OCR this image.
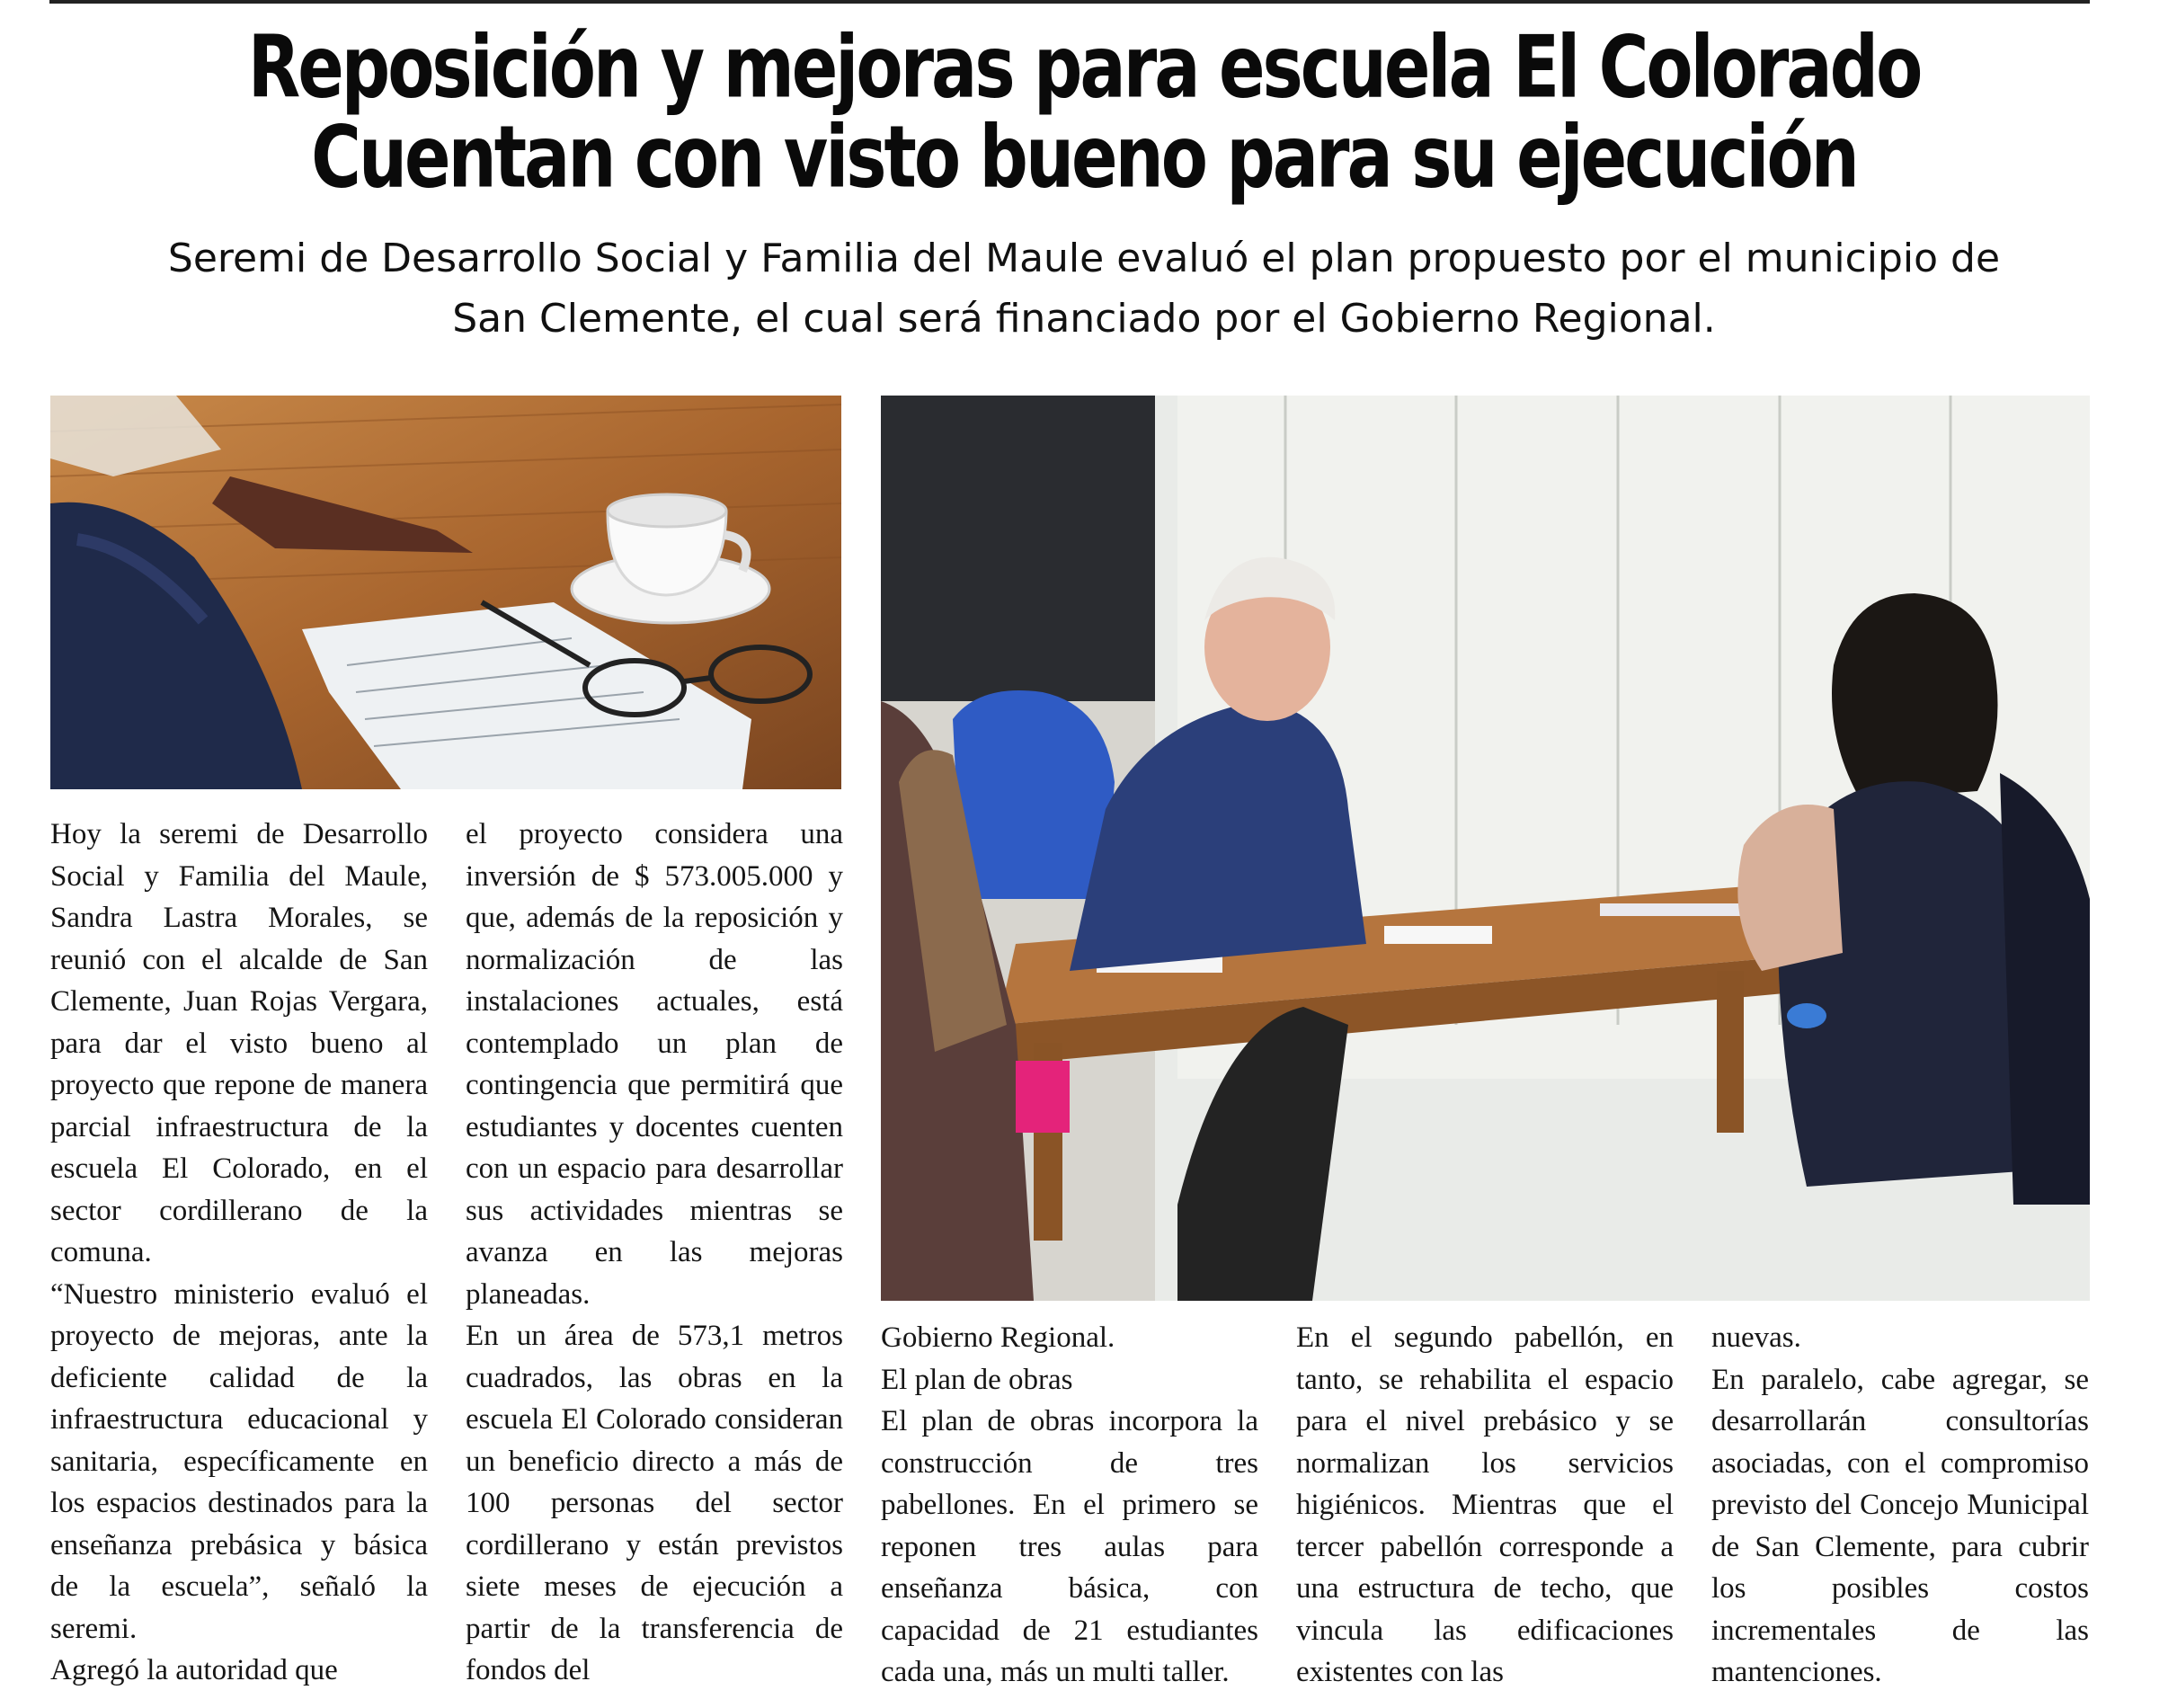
Reposición y mejoras para escuela El Colorado
Cuentan con visto bueno para su ejecución
Seremi de Desarrollo Social y Familia del Maule evaluó el plan propuesto por el municipio de
San Clemente, el cual será financiado por el Gobierno Regional.

Hoy la seremi de Desarrollo Social y Familia del Maule, Sandra Lastra Morales, se reunió con el alcalde de San Clemente, Juan Rojas Vergara, para dar el visto bueno al proyecto que repone de manera parcial infraestructura de la escuela El Colorado, en el sector cordillerano de la comuna.

“Nuestro ministerio evaluó el proyecto de mejoras, ante la deficiente calidad de la infraestructura educacional y sanitaria, específicamente en los espacios destinados para la enseñanza prebásica y básica de la escuela”, señaló la seremi.

Agregó la autoridad que

el proyecto considera una inversión de $ 573.005.000 y que, además de la reposición y normalización de las instalaciones actuales, está contemplado un plan de contingencia que permitirá que estudiantes y docentes cuenten con un espacio para desarrollar sus actividades mientras se avanza en las mejoras planeadas.

En un área de 573,1 metros cuadrados, las obras en la escuela El Colorado consideran un beneficio directo a más de 100 personas del sector cordillerano y están previstos siete meses de ejecución a partir de la transferencia de fondos del

Gobierno Regional.

El plan de obras

El plan de obras incorpora la construcción de tres pabellones. En el primero se reponen tres aulas para enseñanza básica, con capacidad de 21 estudiantes cada una, más un multi taller.

En el segundo pabellón, en tanto, se rehabilita el espacio para el nivel prebásico y se normalizan los servicios higiénicos. Mientras que el tercer pabellón corresponde a una estructura de techo, que vincula las edificaciones existentes con las

nuevas.

En paralelo, cabe agregar, se desarrollarán consultorías asociadas, con el compromiso previsto del Concejo Municipal de San Clemente, para cubrir los posibles costos incrementales de las mantenciones.
